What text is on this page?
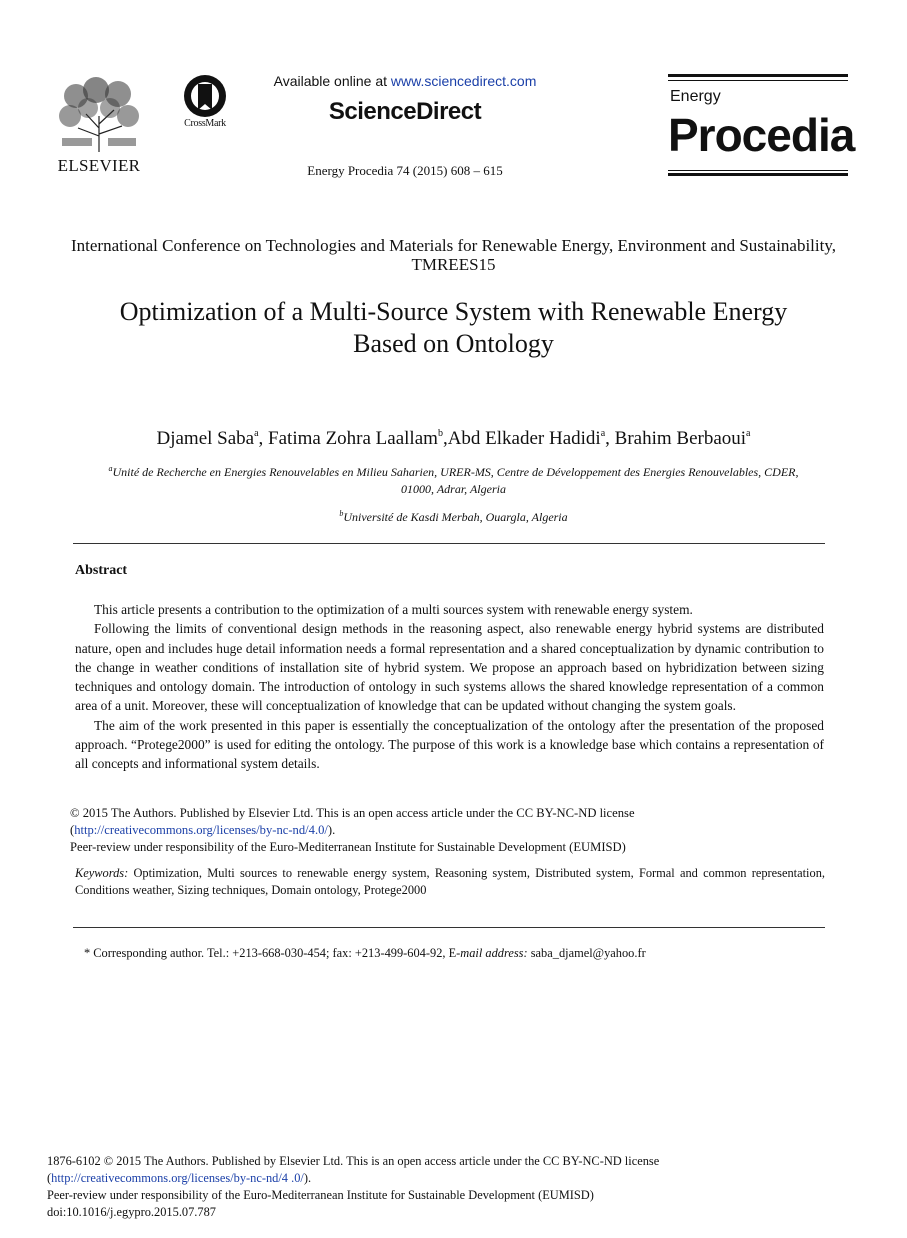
ELSEVIER
CrossMark
Available online at www.sciencedirect.com
ScienceDirect
Energy Procedia 74 (2015) 608 – 615
Energy
Procedia
International Conference on Technologies and Materials for Renewable Energy, Environment and Sustainability, TMREES15
Optimization of a Multi-Source System with Renewable Energy
Based on Ontology
Djamel Saba$^a$, Fatima Zohra Laallam$^b$,Abd Elkader Hadidi$^a$, Brahim Berbaoui$^a$
$^a$Unité de Recherche en Energies Renouvelables en Milieu Saharien, URER-MS, Centre de Développement des Energies Renouvelables, CDER,
01000, Adrar, Algeria
$^b$Université de Kasdi Merbah, Ouargla, Algeria
Abstract

This article presents a contribution to the optimization of a multi sources system with renewable energy system.

Following the limits of conventional design methods in the reasoning aspect, also renewable energy hybrid systems are distributed nature, open and includes huge detail information needs a formal representation and a shared conceptualization by dynamic contribution to the change in weather conditions of installation site of hybrid system. We propose an approach based on hybridization between sizing techniques and ontology domain. The introduction of ontology in such systems allows the shared knowledge representation of a common area of a unit. Moreover, these will conceptualization of knowledge that can be updated without changing the system goals.

The aim of the work presented in this paper is essentially the conceptualization of the ontology after the presentation of the proposed approach. “Protege2000” is used for editing the ontology. The purpose of this work is a knowledge base which contains a representation of all concepts and informational system details.

© 2015 The Authors. Published by Elsevier Ltd. This is an open access article under the CC BY-NC-ND license
(http://creativecommons.org/licenses/by-nc-nd/4.0/).
Peer-review under responsibility of the Euro-Mediterranean Institute for Sustainable Development (EUMISD)
Keywords: Optimization, Multi sources to renewable energy system, Reasoning system, Distributed system, Formal and common representation, Conditions weather, Sizing techniques, Domain ontology, Protege2000
* Corresponding author. Tel.: +213-668-030-454; fax: +213-499-604-92, E-mail address: saba_djamel@yahoo.fr
1876-6102 © 2015 The Authors. Published by Elsevier Ltd. This is an open access article under the CC BY-NC-ND license
(http://creativecommons.org/licenses/by-nc-nd/4 .0/).
Peer-review under responsibility of the Euro-Mediterranean Institute for Sustainable Development (EUMISD)
doi:10.1016/j.egypro.2015.07.787
